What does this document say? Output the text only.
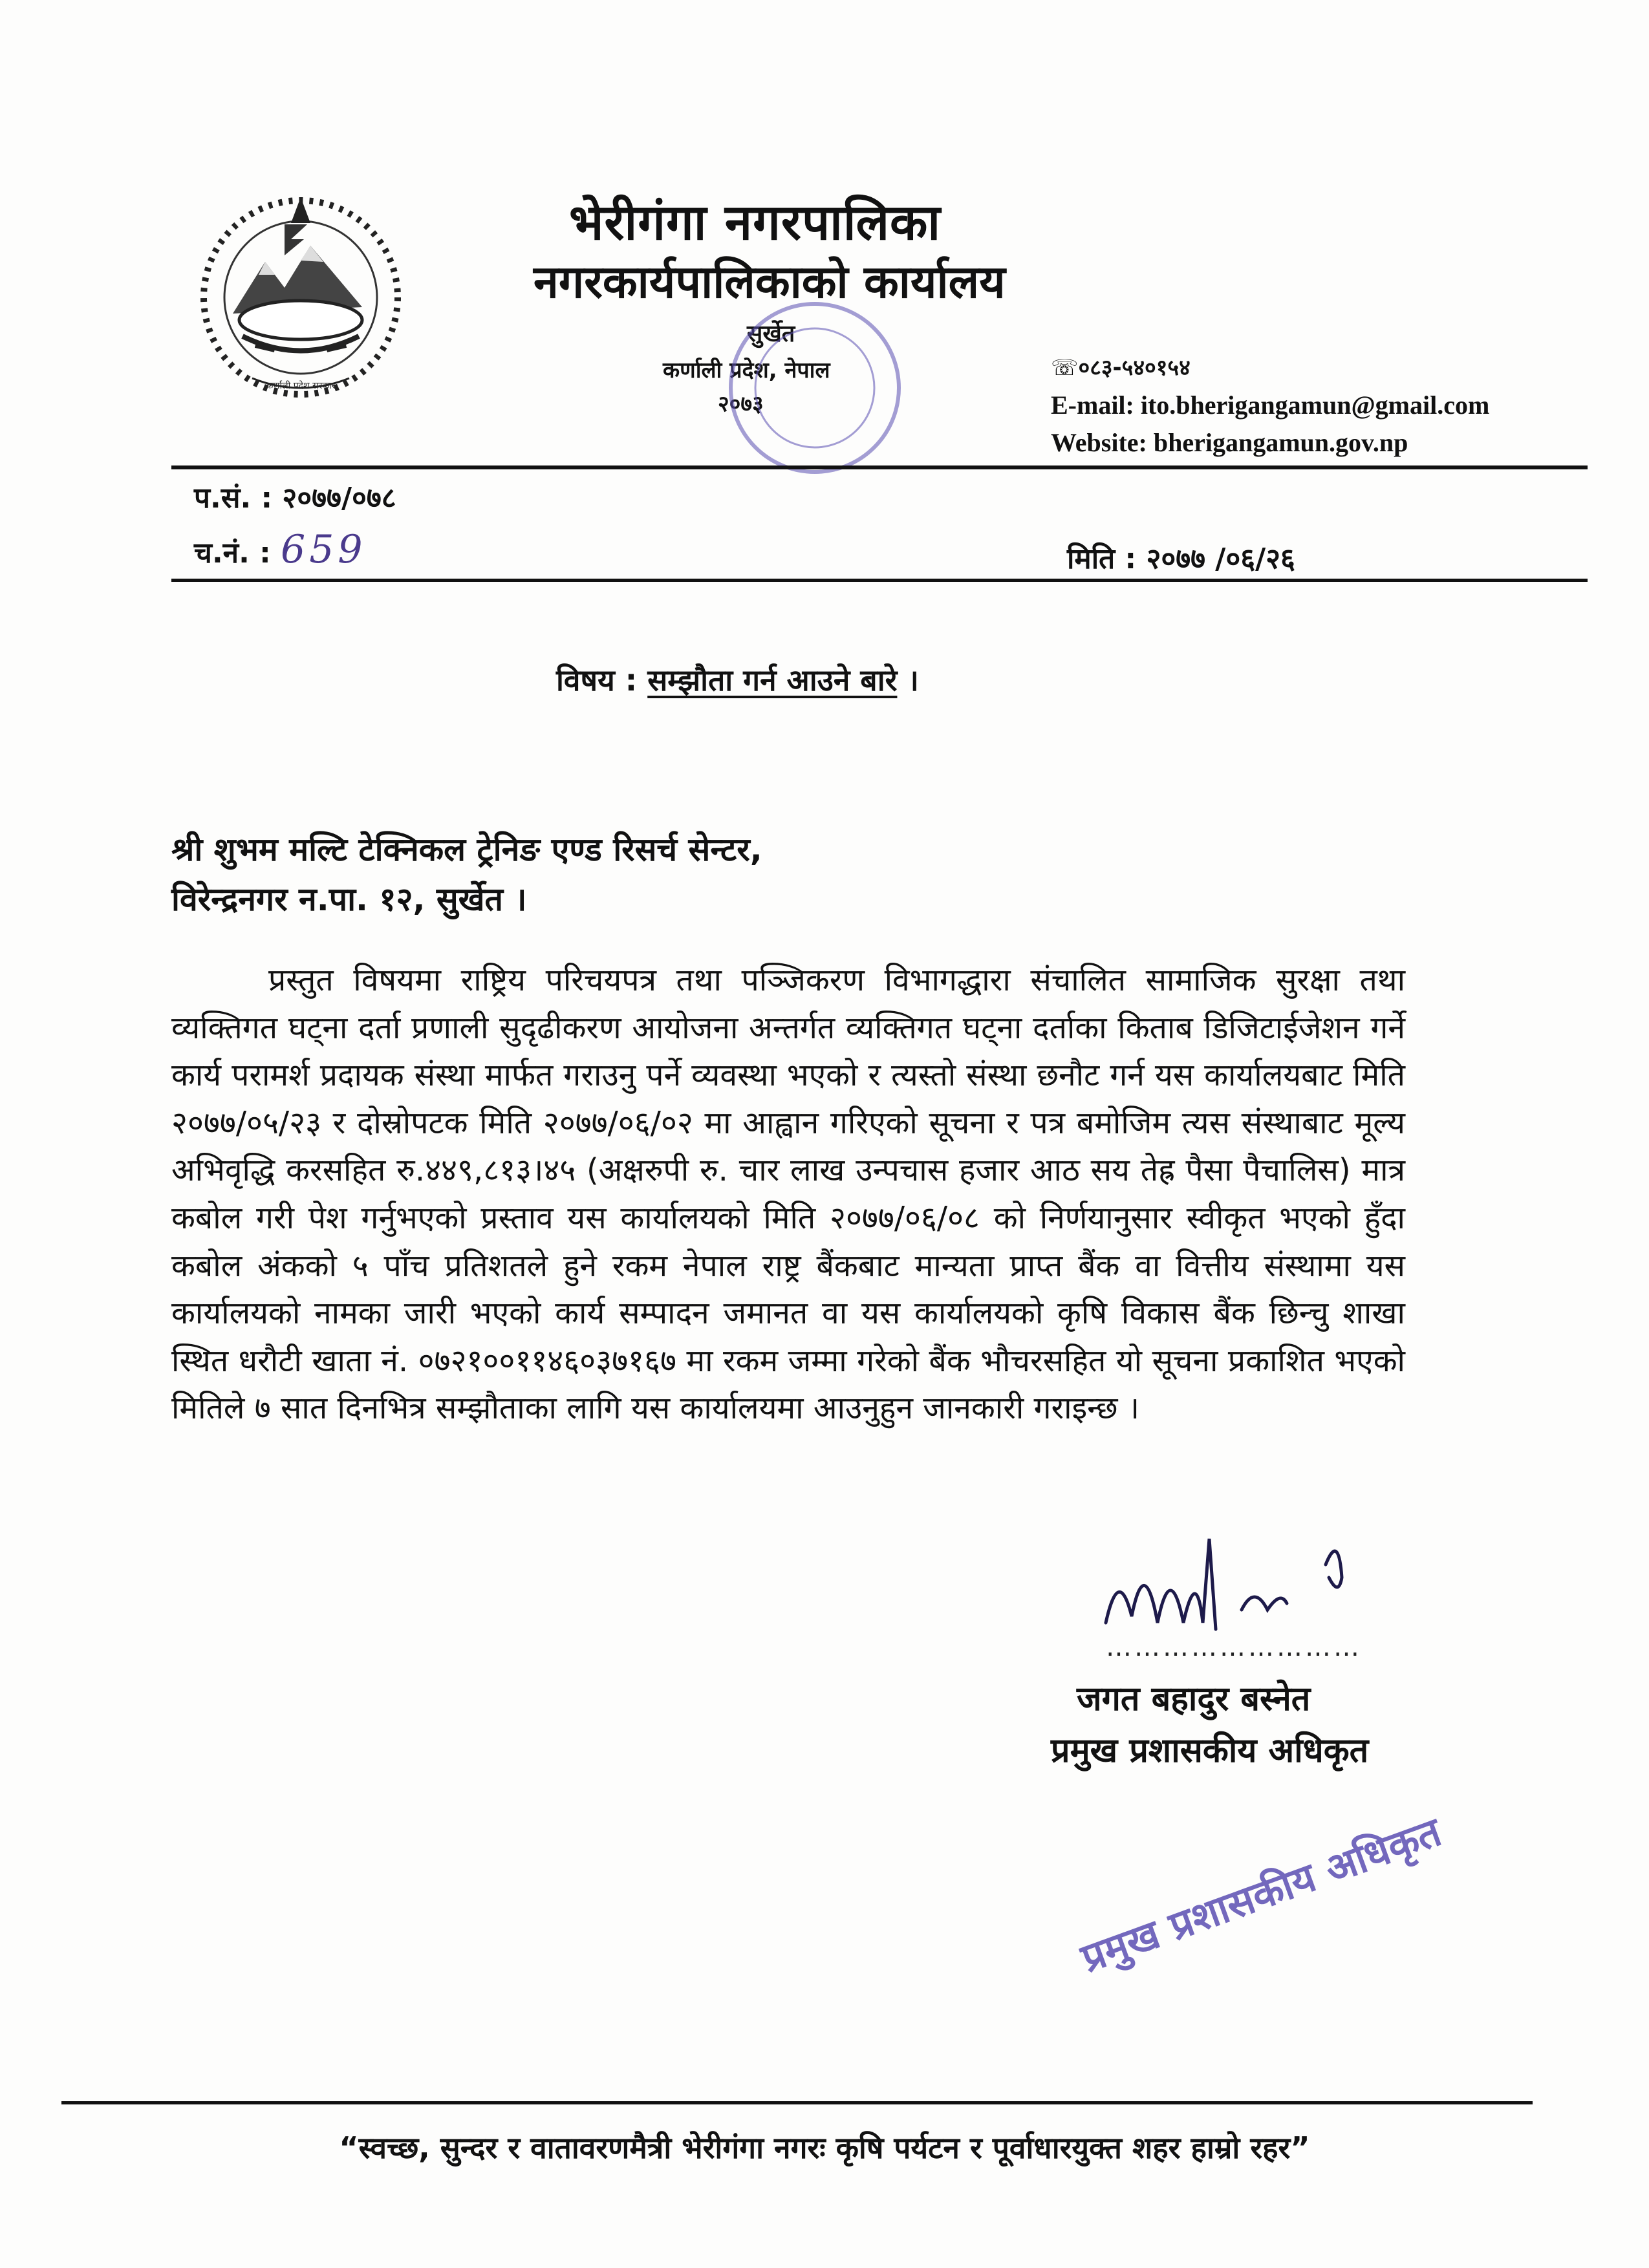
कर्णाली प्रदेश सरकार
भेरीगंगा नगरपालिका
नगरकार्यपालिकाको कार्यालय
सुर्खेत
कर्णाली प्रदेश, नेपाल
२०७३
☏०८३-५४०१५४
E-mail: ito.bherigangamun@gmail.com
Website: bherigangamun.gov.np
प.सं. : २०७७/०७८
च.नं. : 659	मिति : २०७७ /०६/२६
विषय : सम्झौता गर्न आउने बारे ।
श्री शुभम मल्टि टेक्निकल ट्रेनिङ एण्ड रिसर्च सेन्टर,
विरेन्द्रनगर न.पा. १२, सुर्खेत ।

प्रस्तुत विषयमा राष्ट्रिय परिचयपत्र तथा पञ्जिकरण विभागद्धारा संचालित सामाजिक सुरक्षा तथा व्यक्तिगत घट्ना दर्ता प्रणाली सुदृढीकरण आयोजना अन्तर्गत व्यक्तिगत घट्ना दर्ताका किताब डिजिटाईजेशन गर्ने कार्य परामर्श प्रदायक संस्था मार्फत गराउनु पर्ने व्यवस्था भएको र त्यस्तो संस्था छनौट गर्न यस कार्यालयबाट मिति २०७७/०५/२३ र दोस्रोपटक मिति २०७७/०६/०२ मा आह्वान गरिएको सूचना र पत्र बमोजिम त्यस संस्थाबाट मूल्य अभिवृद्धि करसहित रु.४४९,८१३।४५ (अक्षरुपी रु. चार लाख उन्पचास हजार आठ सय तेह्र पैसा पैचालिस) मात्र कबोल गरी पेश गर्नुभएको प्रस्ताव यस कार्यालयको मिति २०७७/०६/०८ को निर्णयानुसार स्वीकृत भएको हुँदा कबोल अंकको ५ पाँच प्रतिशतले हुने रकम नेपाल राष्ट्र बैंकबाट मान्यता प्राप्त बैंक वा वित्तीय संस्थामा यस कार्यालयको नामका जारी भएको कार्य सम्पादन जमानत वा यस कार्यालयको कृषि विकास बैंक छिन्चु शाखा स्थित धरौटी खाता नं. ०७२१००११४६०३७१६७ मा रकम जम्मा गरेको बैंक भौचरसहित यो सूचना प्रकाशित भएको मितिले ७ सात दिनभित्र सम्झौताका लागि यस कार्यालयमा आउनुहुन जानकारी गराइन्छ ।

………………………
जगत बहादुर बस्नेत
प्रमुख प्रशासकीय अधिकृत
प्रमुख प्रशासकीय अधिकृत
“स्वच्छ, सुन्दर र वातावरणमैत्री भेरीगंगा नगरः कृषि पर्यटन र पूर्वाधारयुक्त शहर हाम्रो रहर”
